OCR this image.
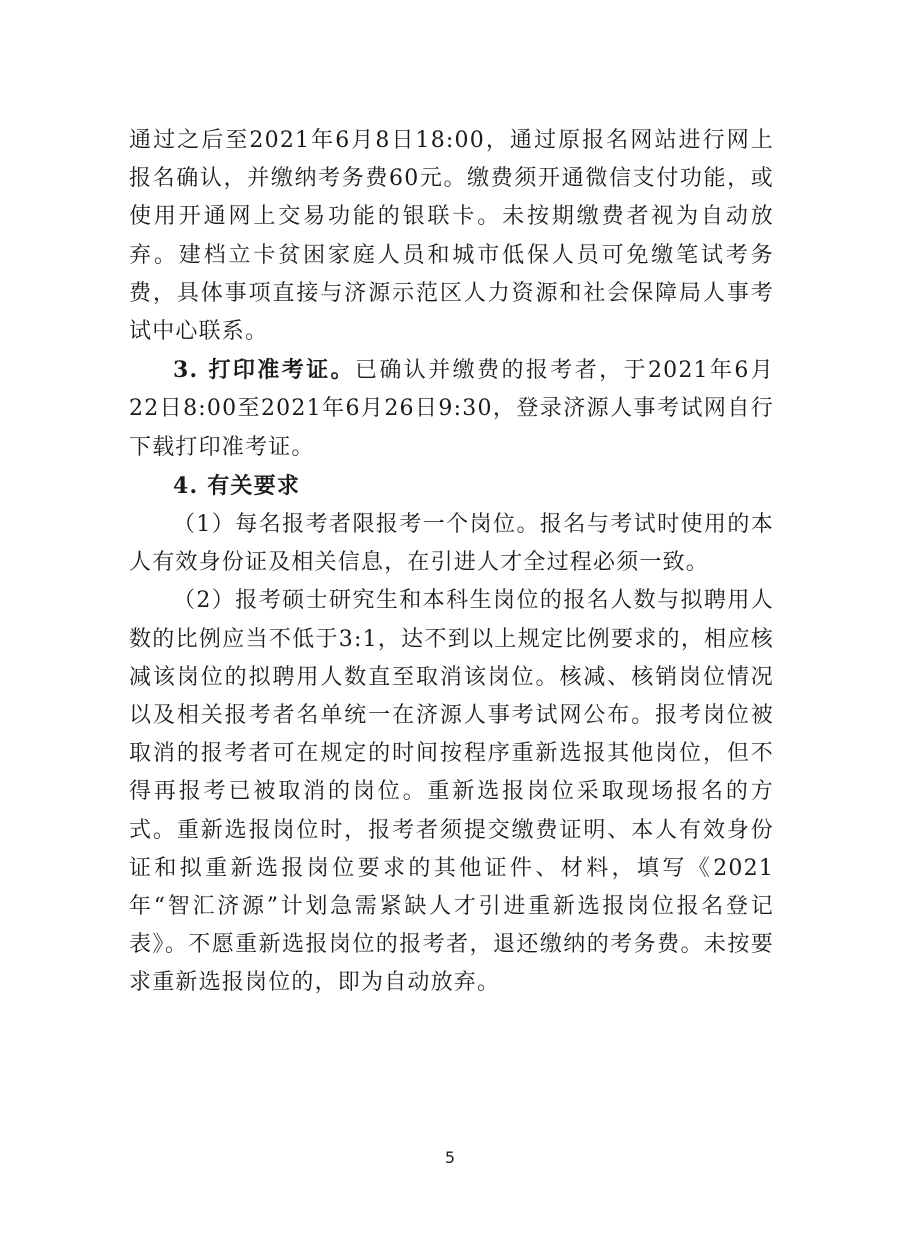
通过之后至2021年6月8日18:00，通过原报名网站进行网上报名确认，并缴纳考务费60元。缴费须开通微信支付功能，或使用开通网上交易功能的银联卡。未按期缴费者视为自动放弃。建档立卡贫困家庭人员和城市低保人员可免缴笔试考务费，具体事项直接与济源示范区人力资源和社会保障局人事考试中心联系。

3. 打印准考证。已确认并缴费的报考者，于2021年6月22日8:00至2021年6月26日9:30，登录济源人事考试网自行下载打印准考证。

4. 有关要求

（1）每名报考者限报考一个岗位。报名与考试时使用的本人有效身份证及相关信息，在引进人才全过程必须一致。

（2）报考硕士研究生和本科生岗位的报名人数与拟聘用人数的比例应当不低于3:1，达不到以上规定比例要求的，相应核减该岗位的拟聘用人数直至取消该岗位。核减、核销岗位情况以及相关报考者名单统一在济源人事考试网公布。报考岗位被取消的报考者可在规定的时间按程序重新选报其他岗位，但不得再报考已被取消的岗位。重新选报岗位采取现场报名的方式。重新选报岗位时，报考者须提交缴费证明、本人有效身份证和拟重新选报岗位要求的其他证件、材料，填写《2021年“智汇济源”计划急需紧缺人才引进重新选报岗位报名登记表》。不愿重新选报岗位的报考者，退还缴纳的考务费。未按要求重新选报岗位的，即为自动放弃。

5
